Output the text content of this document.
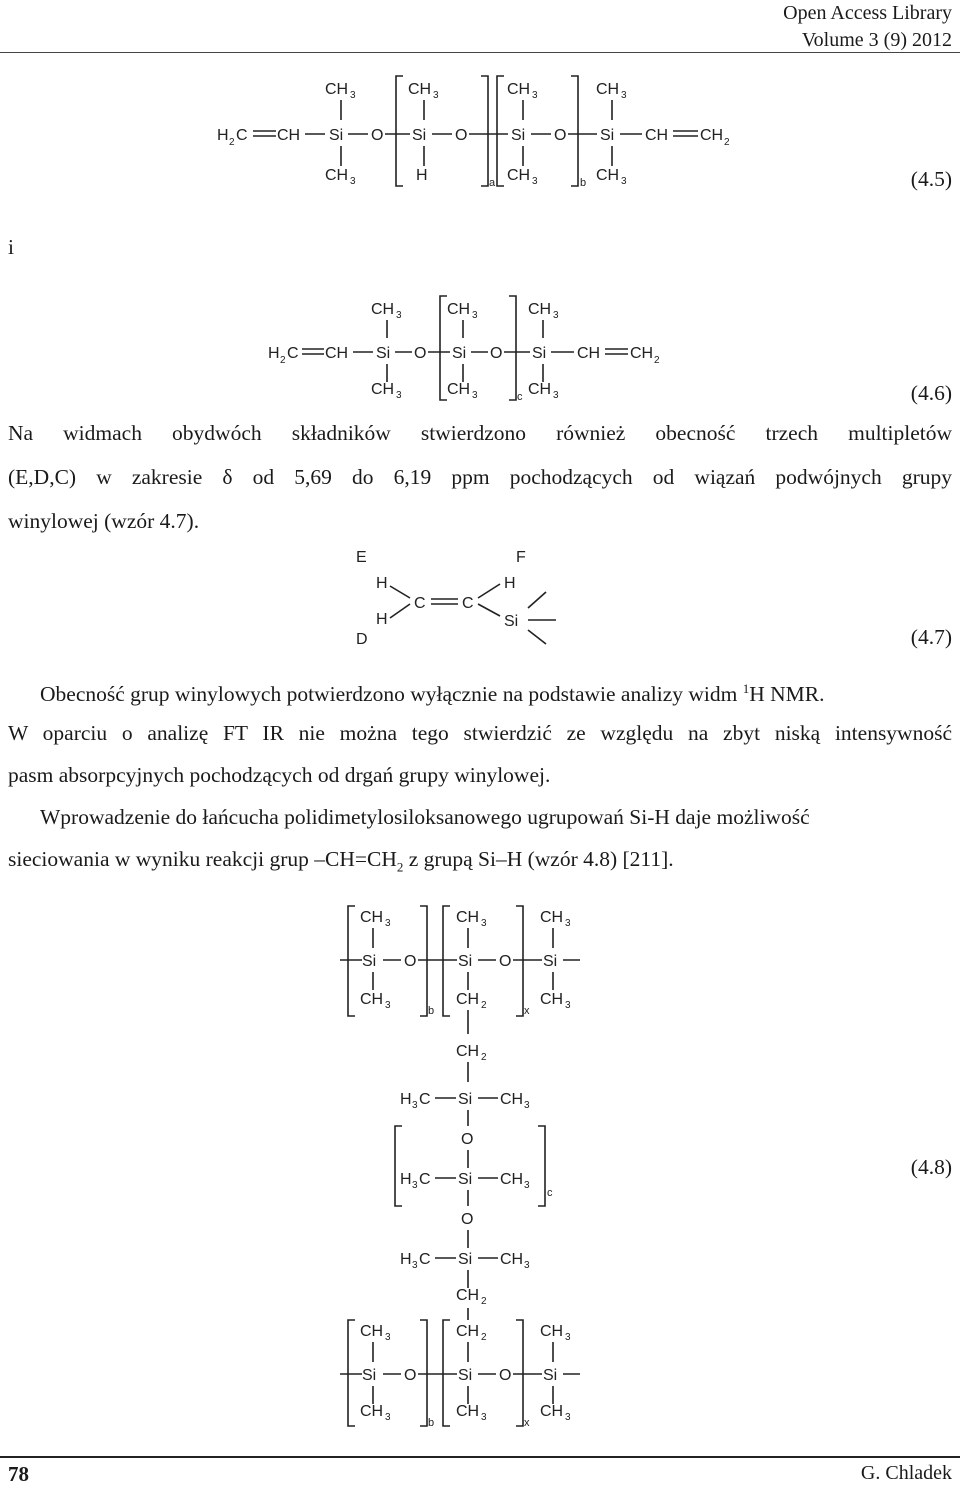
Open Access Library
Volume 3 (9) 2012
H 2 C CH Si
CH 3
CH 3
O Si
CH 3
H
O
a
Si
CH 3
CH 3
O
b
Si
CH 3
CH 3
CH CH 2
(4.5)
i
H 2 C CH Si
CH 3
CH 3
O Si
CH 3
CH 3
O
c
Si
CH 3
CH 3
CH CH 2
(4.6)
Na widmach obydwóch składników stwierdzono również obecność trzech multipletów
(E,D,C) w zakresie δ od 5,69 do 6,19 ppm pochodzących od wiązań podwójnych grupy
winylowej (wzór 4.7).
E	F
H
H
D
C C
H
Si
(4.7)
Obecność grup winylowych potwierdzono wyłącznie na podstawie analizy widm $^1$H NMR.
W oparciu o analizę FT IR nie można tego stwierdzić ze względu na zbyt niską intensywność
pasm absorpcyjnych pochodzących od drgań grupy winylowej.
Wprowadzenie do łańcucha polidimetylosiloksanowego ugrupowań Si-H daje możliwość
sieciowania w wyniku reakcji grup $-CH=CH_2$ z grupą Si–H (wzór 4.8) [211].
Si
CH 3
CH 3
O
b
Si
CH 3
CH 2
O
x
Si
CH 3
CH 3
CH 2
H 3 C Si CH 3
O
H 3 C Si CH 3
c
O
H 3 C Si CH 3
CH 2
Si
CH 3
CH 3
O
b
Si
CH 2
CH 3
O
x
Si
CH 3
CH 3
(4.8)
78	G. Chladek
